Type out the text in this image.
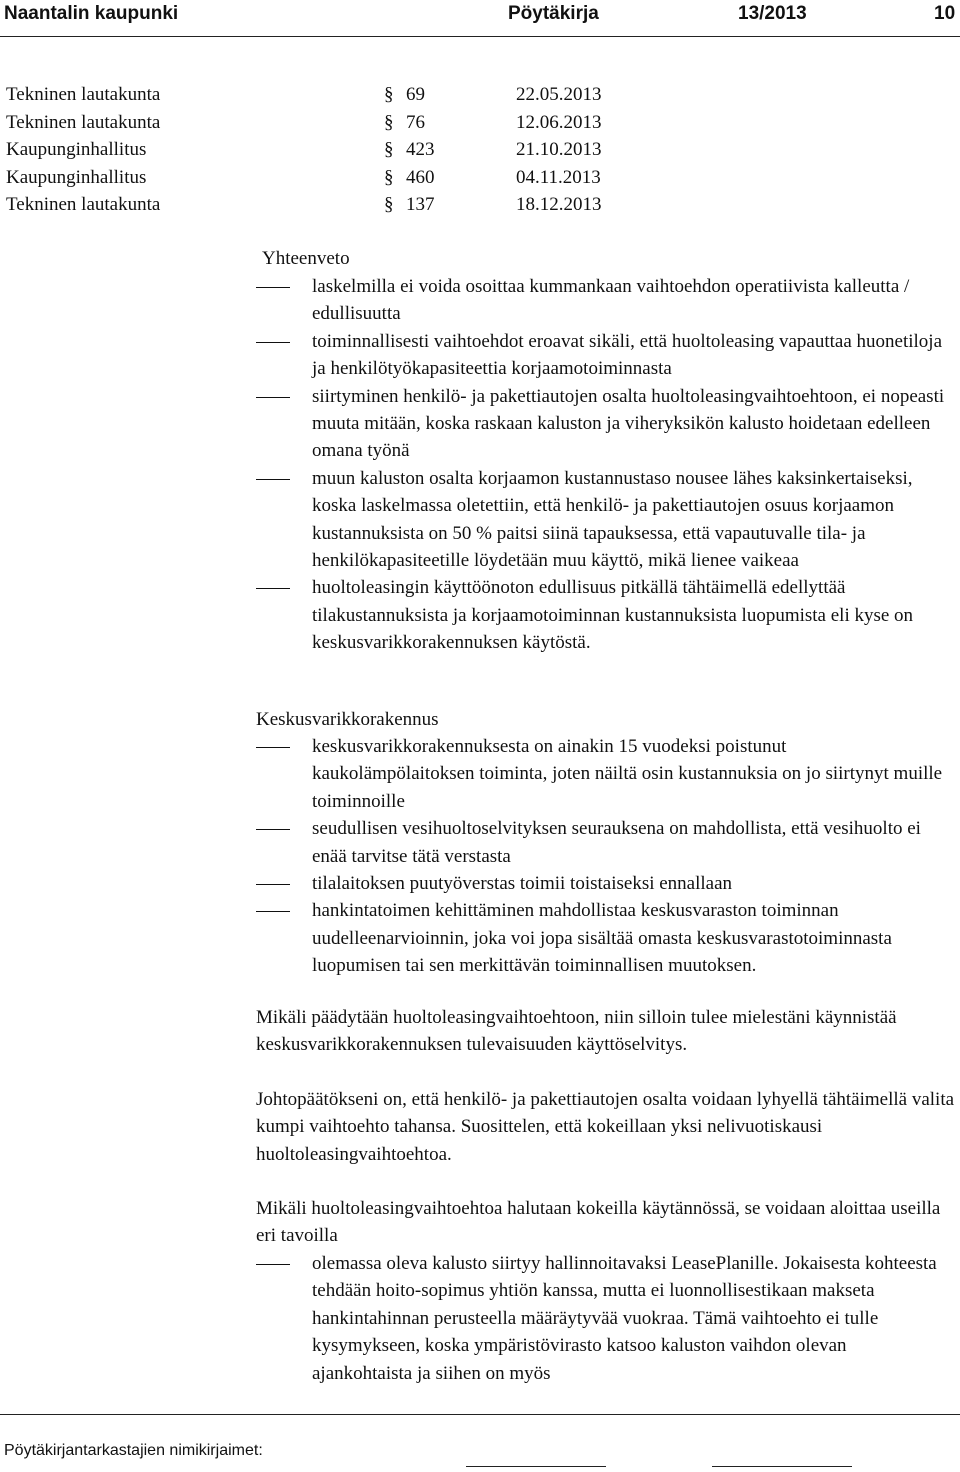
Naantalin kaupunki	Pöytäkirja	13/2013	10
Tekninen lautakunta	§ 69	22.05.2013
Tekninen lautakunta	§ 76	12.06.2013
Kaupunginhallitus	§ 423	21.10.2013
Kaupunginhallitus	§ 460	04.11.2013
Tekninen lautakunta	§ 137	18.12.2013
Yhteenveto
laskelmilla ei voida osoittaa kummankaan vaihtoehdon operatiivista kalleutta / edullisuutta
toiminnallisesti vaihtoehdot eroavat sikäli, että huoltoleasing vapauttaa huonetiloja ja henkilötyökapasiteettia korjaamotoiminnasta
siirtyminen henkilö- ja pakettiautojen osalta huoltoleasingvaihtoehtoon, ei nopeasti muuta mitään, koska raskaan kaluston ja viheryksikön kalusto hoidetaan edelleen omana työnä
muun kaluston osalta korjaamon kustannustaso nousee lähes kaksinkertaiseksi, koska laskelmassa oletettiin, että henkilö- ja pakettiautojen osuus korjaamon kustannuksista on 50 % paitsi siinä tapauksessa, että vapautuvalle tila- ja henkilökapasiteetille löydetään muu käyttö, mikä lienee vaikeaa
huoltoleasingin käyttöönoton edullisuus pitkällä tähtäimellä edellyttää tilakustannuksista ja korjaamotoiminnan kustannuksista luopumista eli kyse on keskusvarikkorakennuksen käytöstä.
Keskusvarikkorakennus
keskusvarikkorakennuksesta on ainakin 15 vuodeksi poistunut kaukolämpölaitoksen toiminta, joten näiltä osin kustannuksia on jo siirtynyt muille toiminnoille
seudullisen vesihuoltoselvityksen seurauksena on mahdollista, että vesihuolto ei enää tarvitse tätä verstasta
tilalaitoksen puutyöverstas toimii toistaiseksi ennallaan
hankintatoimen kehittäminen mahdollistaa keskusvaraston toiminnan uudelleenarvioinnin, joka voi jopa sisältää omasta keskusvarastotoiminnasta luopumisen tai sen merkittävän toiminnallisen muutoksen.

Mikäli päädytään huoltoleasingvaihtoehtoon, niin silloin tulee mielestäni käynnistää keskusvarikkorakennuksen tulevaisuuden käyttöselvitys.

Johtopäätökseni on, että henkilö- ja pakettiautojen osalta voidaan lyhyellä tähtäimellä valita kumpi vaihtoehto tahansa. Suosittelen, että kokeillaan yksi nelivuotiskausi huoltoleasingvaihtoehtoa.

Mikäli huoltoleasingvaihtoehtoa halutaan kokeilla käytännössä, se voidaan aloittaa useilla eri tavoilla

olemassa oleva kalusto siirtyy hallinnoitavaksi LeasePlanille. Jokaisesta kohteesta tehdään hoito-sopimus yhtiön kanssa, mutta ei luonnollisestikaan makseta hankintahinnan perusteella määräytyvää vuokraa. Tämä vaihtoehto ei tulle kysymykseen, koska ympäristövirasto katsoo kaluston vaihdon olevan ajankohtaista ja siihen on myös
Pöytäkirjantarkastajien nimikirjaimet:
